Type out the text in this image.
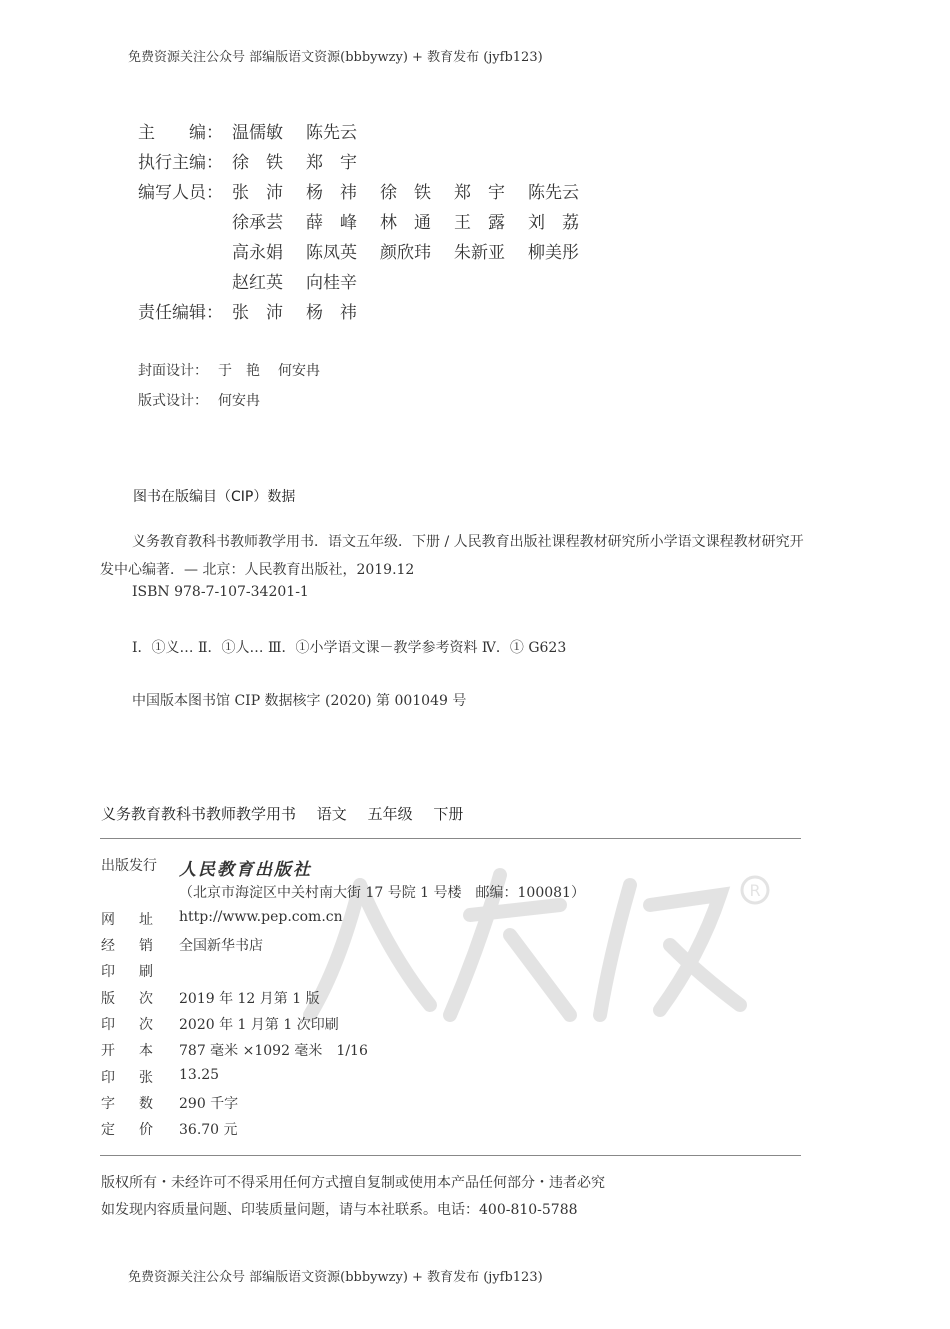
免费资源关注公众号 部编版语文资源(bbbywzy) + 教育发布 (jyfb123)
主　　编： 温儒敏	陈先云
执行主编： 徐　铁	郑　宇
编写人员： 张　沛	杨　祎	徐　铁	郑　宇	陈先云
徐承芸	薛　峰	林　通	王　露	刘　荔
高永娟	陈凤英	颜欣玮	朱新亚	柳美彤
赵红英	向桂辛
责任编辑： 张　沛	杨　祎
封面设计： 于　艳 何安冉
版式设计： 何安冉
图书在版编目（CIP）数据
义务教育教科书教师教学用书．语文五年级．下册 / 人民教育出版社课程教材研究所小学语文课程教材研究开发中心编著．— 北京：人民教育出版社，2019.12
ISBN 978-7-107-34201-1
Ⅰ．①义… Ⅱ．①人… Ⅲ．①小学语文课－教学参考资料 Ⅳ．① G623
中国版本图书馆 CIP 数据核字 (2020) 第 001049 号
义务教育教科书教师教学用书 语文 五年级 下册
R
出版发行	人民教育出版社
（北京市海淀区中关村南大街 17 号院 1 号楼　邮编：100081）
网　址	http://www.pep.com.cn
经　销	全国新华书店
印　刷
版　次	2019 年 12 月第 1 版
印　次	2020 年 1 月第 1 次印刷
开　本	787 毫米 ×1092 毫米　1/16
印　张	13.25
字　数	290 千字
定　价	36.70 元
版权所有・未经许可不得采用任何方式擅自复制或使用本产品任何部分・违者必究
如发现内容质量问题、印装质量问题，请与本社联系。电话：400-810-5788
免费资源关注公众号 部编版语文资源(bbbywzy) + 教育发布 (jyfb123)
